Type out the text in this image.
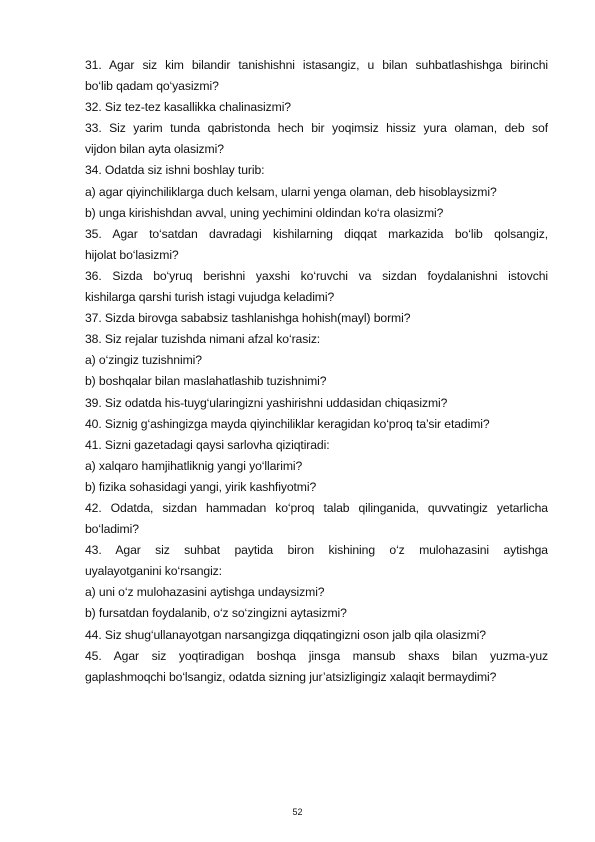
31. Agar siz kim bilandir tanishishni istasangiz, u bilan suhbatlashishga birinchi
bo‘lib qadam qo‘yasizmi?
32. Siz tez-tez kasallikka chalinasizmi?
33. Siz yarim tunda qabristonda hech bir yoqimsiz hissiz yura olaman, deb sof
vijdon bilan ayta olasizmi?
34. Odatda siz ishni boshlay turib:
a) agar qiyinchiliklarga duch kelsam, ularni yenga olaman, deb hisoblaysizmi?
b) unga kirishishdan avval, uning yechimini oldindan ko‘ra olasizmi?
35. Agar to‘satdan davradagi kishilarning diqqat markazida bo‘lib qolsangiz,
hijolat bo‘lasizmi?
36. Sizda bo‘yruq berishni yaxshi ko‘ruvchi va sizdan foydalanishni istovchi
kishilarga qarshi turish istagi vujudga keladimi?
37. Sizda birovga sababsiz tashlanishga hohish(mayl) bormi?
38. Siz rejalar tuzishda nimani afzal ko‘rasiz:
a) o‘zingiz tuzishnimi?
b) boshqalar bilan maslahatlashib tuzishnimi?
39. Siz odatda his-tuyg‘ularingizni yashirishni uddasidan chiqasizmi?
40. Siznig g‘ashingizga mayda qiyinchiliklar keragidan ko‘proq ta’sir etadimi?
41. Sizni gazetadagi qaysi sarlovha qiziqtiradi:
a) xalqaro hamjihatliknig yangi yo‘llarimi?
b) fizika sohasidagi yangi, yirik kashfiyotmi?
42. Odatda, sizdan hammadan ko‘proq talab qilinganida, quvvatingiz yetarlicha
bo‘ladimi?
43. Agar siz suhbat paytida biron kishining o‘z mulohazasini aytishga
uyalayotganini ko‘rsangiz:
a) uni o‘z mulohazasini aytishga undaysizmi?
b) fursatdan foydalanib, o‘z so‘zingizni aytasizmi?
44. Siz shug‘ullanayotgan narsangizga diqqatingizni oson jalb qila olasizmi?
45. Agar siz yoqtiradigan boshqa jinsga mansub shaxs bilan yuzma-yuz
gaplashmoqchi bo‘lsangiz, odatda sizning jur’atsizligingiz xalaqit bermaydimi?
52
